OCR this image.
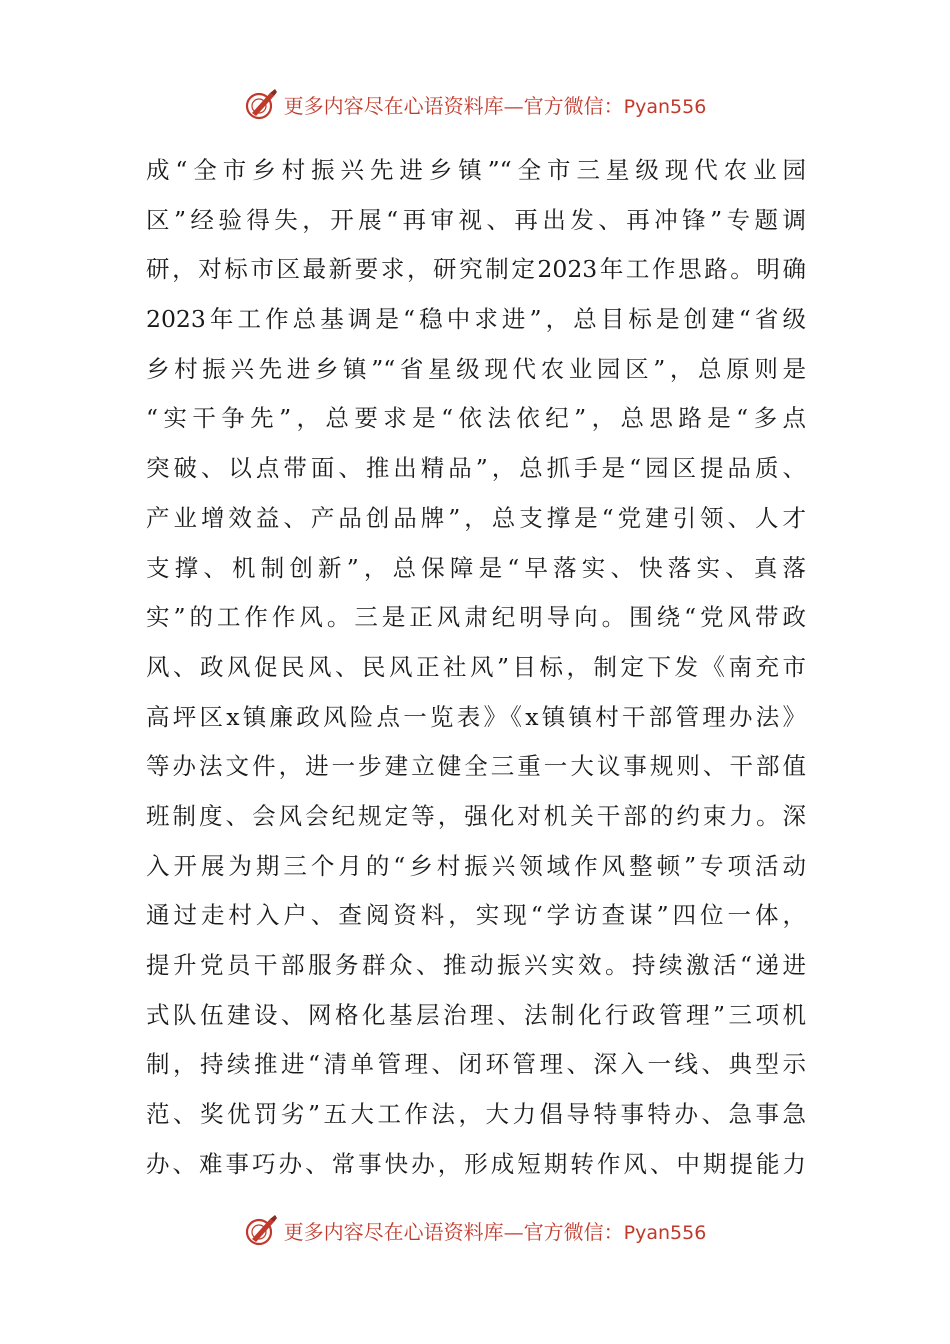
更多内容尽在心语资料库—官方微信：Pyan556
成“全市乡村振兴先进乡镇”“全市三星级现代农业园
区”经验得失，开展“再审视、再出发、再冲锋”专题调
研，对标市区最新要求，研究制定2023年工作思路。明确
2023年工作总基调是“稳中求进”，总目标是创建“省级
乡村振兴先进乡镇”“省星级现代农业园区”，总原则是
“实干争先”，总要求是“依法依纪”，总思路是“多点
突破、以点带面、推出精品”，总抓手是“园区提品质、
产业增效益、产品创品牌”，总支撑是“党建引领、人才
支撑、机制创新”，总保障是“早落实、快落实、真落
实”的工作作风。三是正风肃纪明导向。围绕“党风带政
风、政风促民风、民风正社风”目标，制定下发《南充市
高坪区x镇廉政风险点一览表》《x镇镇村干部管理办法》
等办法文件，进一步建立健全三重一大议事规则、干部值
班制度、会风会纪规定等，强化对机关干部的约束力。深
入开展为期三个月的“乡村振兴领域作风整顿”专项活动
通过走村入户、查阅资料，实现“学访查谋”四位一体，
提升党员干部服务群众、推动振兴实效。持续激活“递进
式队伍建设、网格化基层治理、法制化行政管理”三项机
制，持续推进“清单管理、闭环管理、深入一线、典型示
范、奖优罚劣”五大工作法，大力倡导特事特办、急事急
办、难事巧办、常事快办，形成短期转作风、中期提能力
更多内容尽在心语资料库—官方微信：Pyan556
